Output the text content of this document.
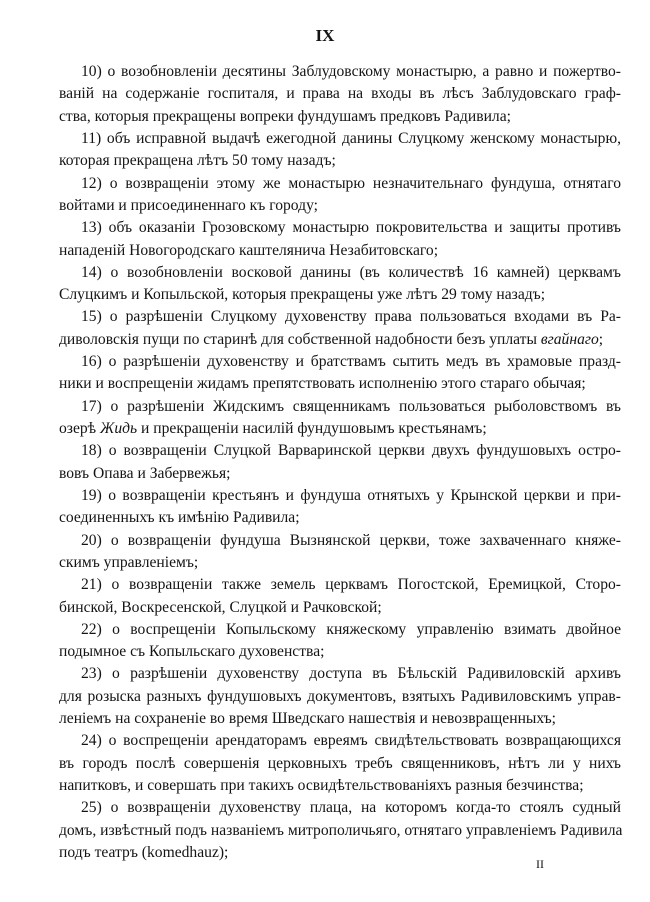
IX
10) о возобновленіи десятины Заблудовскому монастырю, а равно и пожертво-
ваній на содержаніе госпиталя, и права на входы въ лѣсъ Заблудовскаго граф-
ства, которыя прекращены вопреки фундушамъ предковъ Радивила;
11) объ исправной выдачѣ ежегодной данины Слуцкому женскому монастырю,
которая прекращена лѣтъ 50 тому назадъ;
12) о возвращеніи этому же монастырю незначительнаго фундуша, отнятаго
войтами и присоединеннаго къ городу;
13) объ оказаніи Грозовскому монастырю покровительства и защиты противъ
нападеній Новогородскаго каштелянича Незабитовскаго;
14) о возобновленіи восковой данины (въ количествѣ 16 камней) церквамъ
Слуцкимъ и Копыльской, которыя прекращены уже лѣтъ 29 тому назадъ;
15) о разрѣшеніи Слуцкому духовенству права пользоваться входами въ Ра-
диволовскія пущи по старинѣ для собственной надобности безъ уплаты вгайнаго;
16) о разрѣшеніи духовенству и братствамъ сытить медъ въ храмовые празд-
ники и воспрещеніи жидамъ препятствовать исполненію этого стараго обычая;
17) о разрѣшеніи Жидскимъ священникамъ пользоваться рыболовствомъ въ
озерѣ Жидь и прекращеніи насилій фундушовымъ крестьянамъ;
18) о возвращеніи Слуцкой Варваринской церкви двухъ фундушовыхъ остро-
вовъ Опава и Забервежья;
19) о возвращеніи крестьянъ и фундуша отнятыхъ у Крынской церкви и при-
соединенныхъ къ имѣнію Радивила;
20) о возвращеніи фундуша Вызнянской церкви, тоже захваченнаго княже-
скимъ управленіемъ;
21) о возвращеніи также земель церквамъ Погостской, Еремицкой, Сторо-
бинской, Воскресенской, Слуцкой и Рачковской;
22) о воспрещеніи Копыльскому княжескому управленію взимать двойное
подымное съ Копыльскаго духовенства;
23) о разрѣшеніи духовенству доступа въ Бѣльскій Радивиловскій архивъ
для розыска разныхъ фундушовыхъ документовъ, взятыхъ Радивиловскимъ управ-
леніемъ на сохраненіе во время Шведскаго нашествія и невозвращенныхъ;
24) о воспрещеніи арендаторамъ евреямъ свидѣтельствовать возвращающихся
въ городъ послѣ совершенія церковныхъ требъ священниковъ, нѣтъ ли у нихъ
напитковъ, и совершать при такихъ освидѣтельствованіяхъ разныя безчинства;
25) о возвращеніи духовенству плаца, на которомъ когда-то стоялъ судный
домъ, извѣстный подъ названіемъ митрополичьяго, отнятаго управленіемъ Радивила
подъ театръ (komedhauz);
II
